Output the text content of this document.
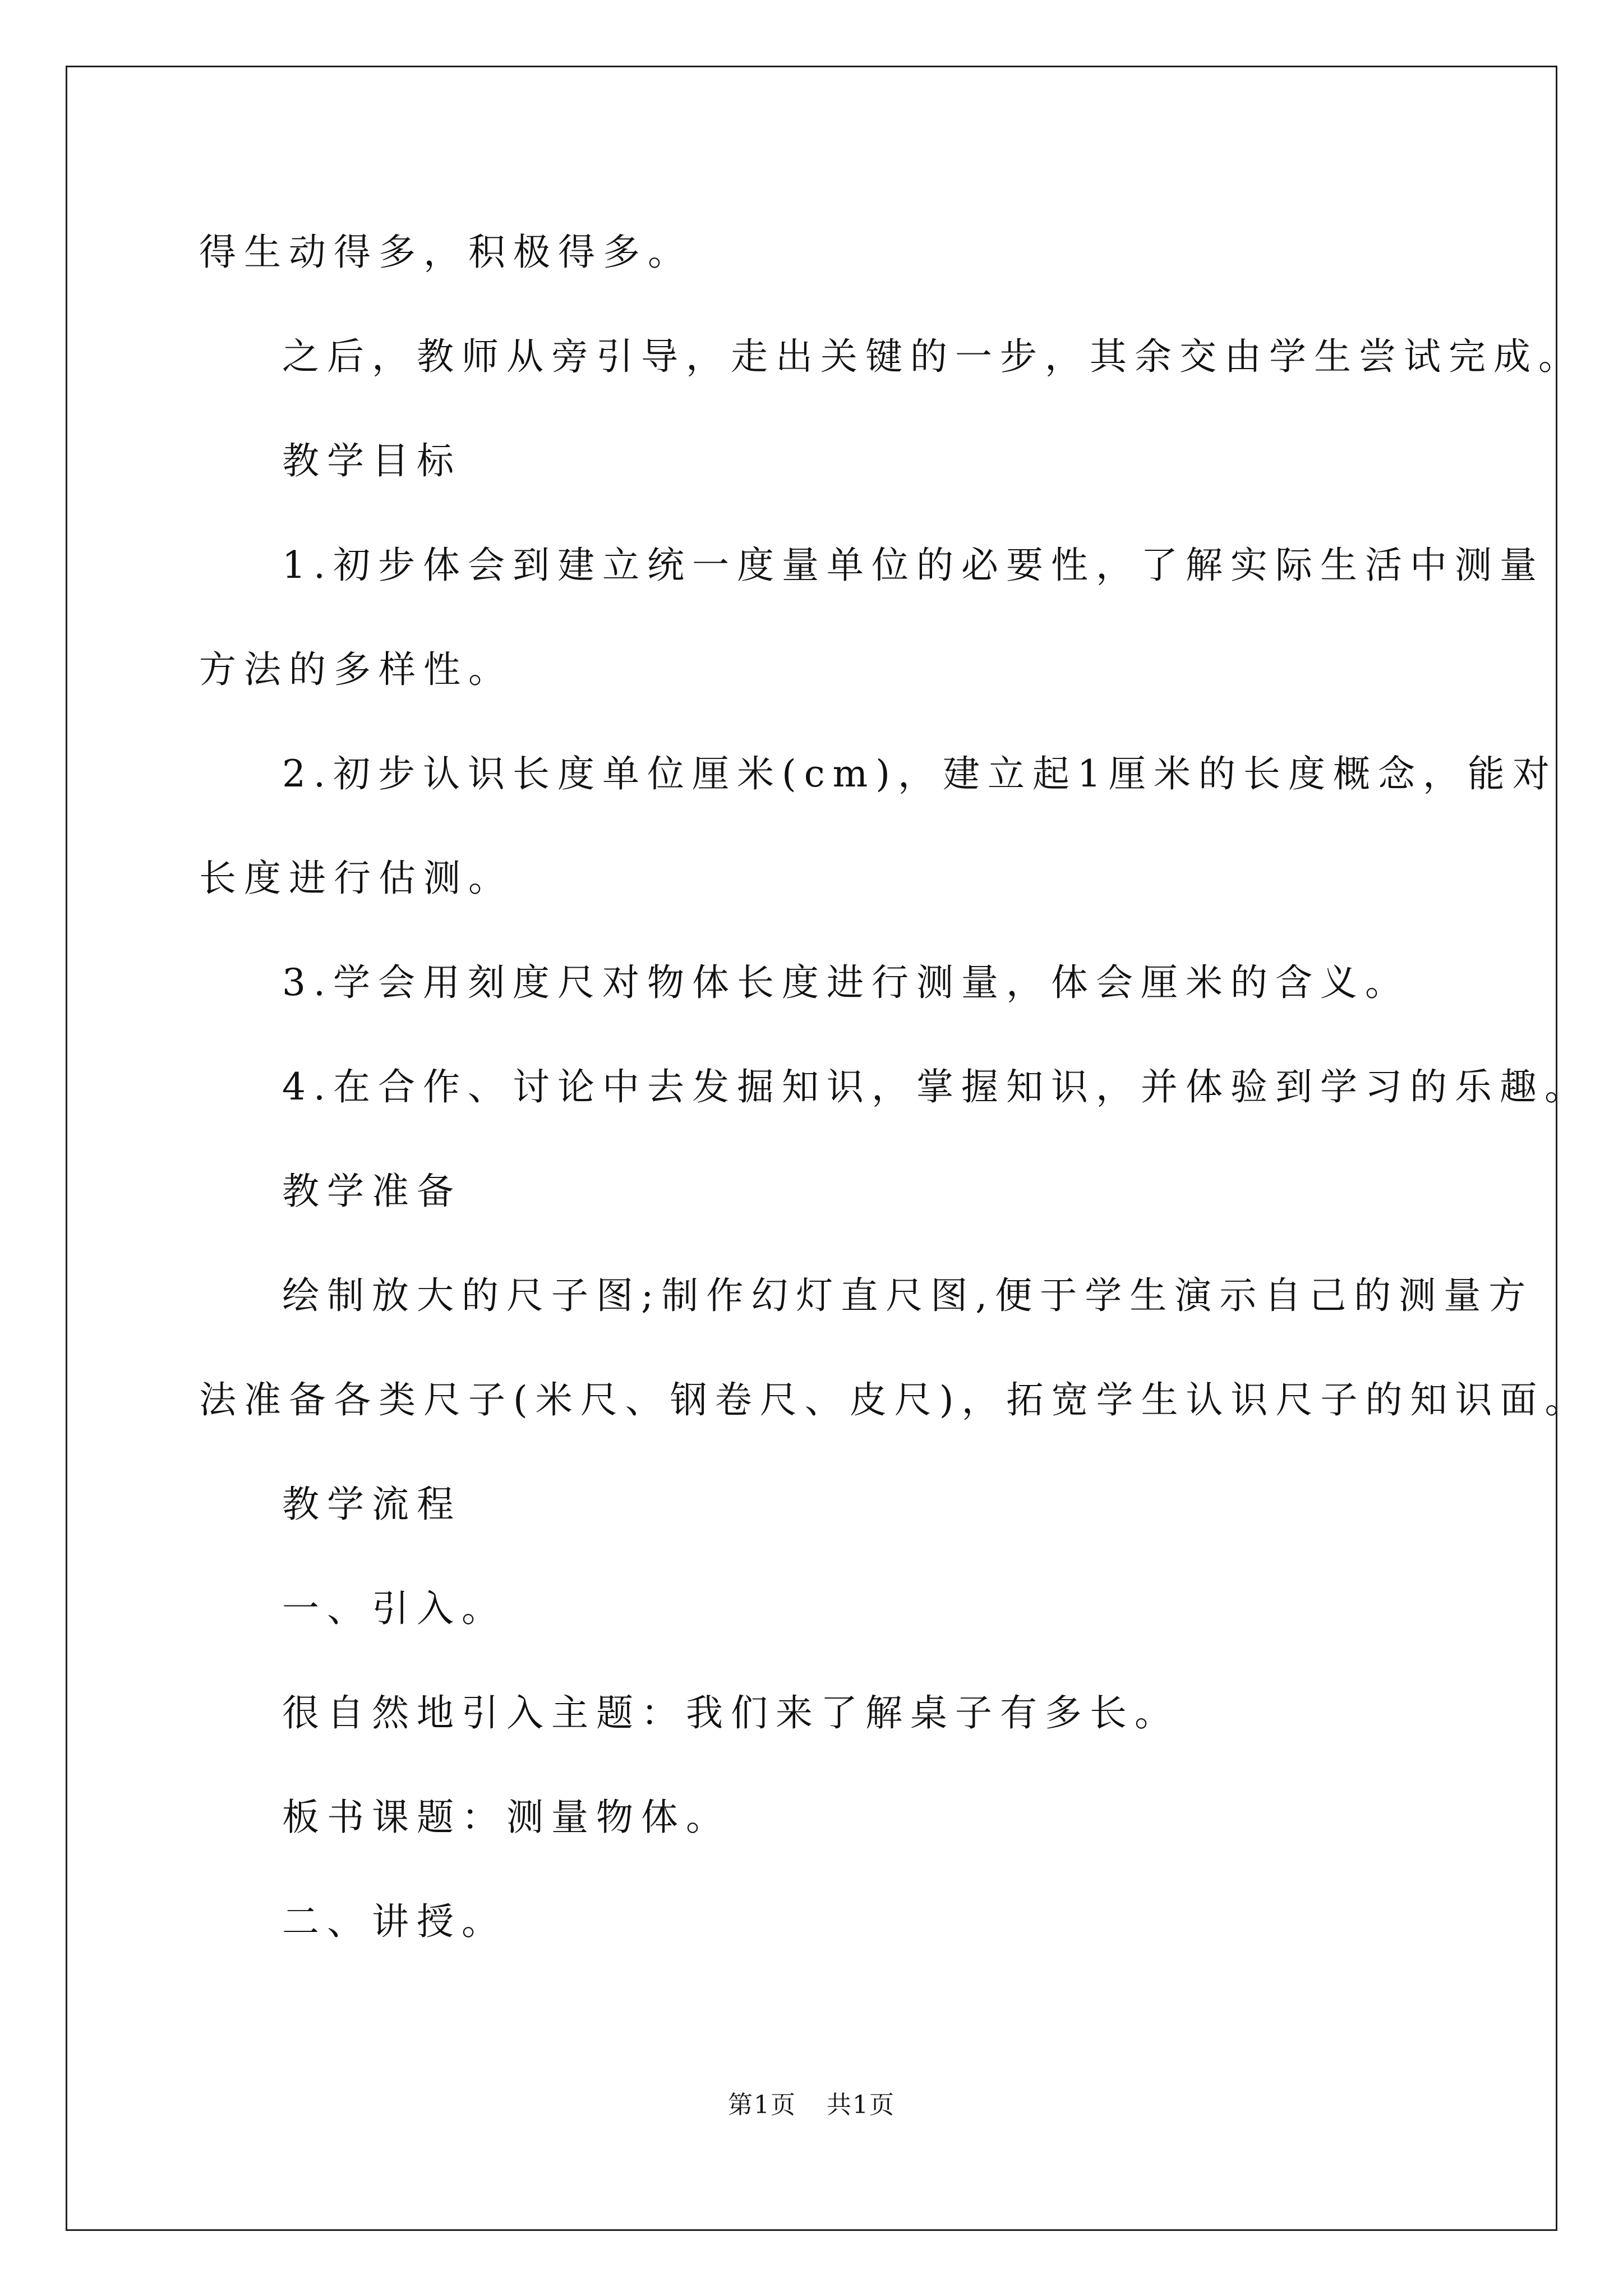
得生动得多，积极得多。
之后，教师从旁引导，走出关键的一步，其余交由学生尝试完成。
教学目标
1.初步体会到建立统一度量单位的必要性，了解实际生活中测量
方法的多样性。
2.初步认识长度单位厘米(cm)，建立起1厘米的长度概念，能对
长度进行估测。
3.学会用刻度尺对物体长度进行测量，体会厘米的含义。
4.在合作、讨论中去发掘知识，掌握知识，并体验到学习的乐趣。
教学准备
绘制放大的尺子图;制作幻灯直尺图,便于学生演示自己的测量方
法准备各类尺子(米尺、钢卷尺、皮尺)，拓宽学生认识尺子的知识面。
教学流程
一、引入。
很自然地引入主题：我们来了解桌子有多长。
板书课题：测量物体。
二、讲授。
第1页 共1页
